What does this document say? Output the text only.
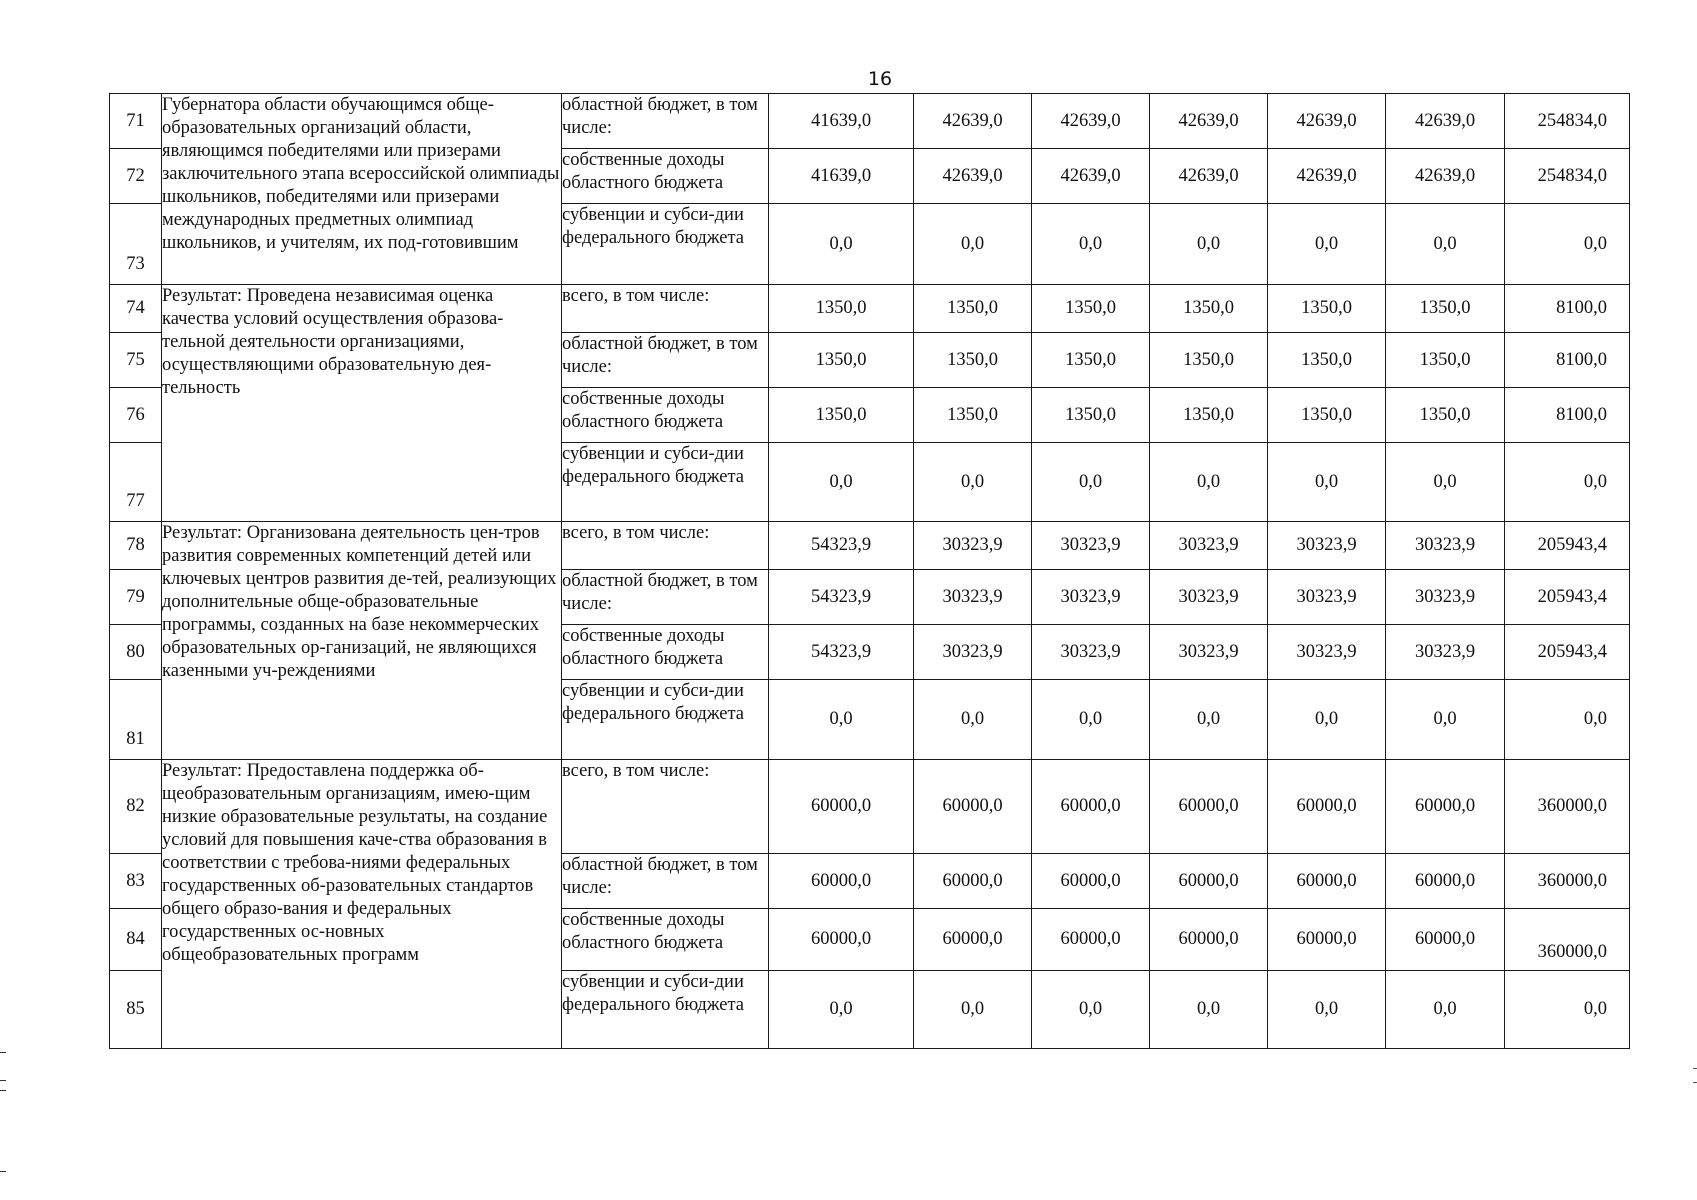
16
71	Губернатора области обучающимся обще-образовательных организаций области, являющимся победителями или призерами заключительного этапа всероссийской олимпиады школьников, победителями или призерами международных предметных олимпиад школьников, и учителям, их под-готовившим	областной бюджет, в том числе:	41639,0	42639,0	42639,0	42639,0	42639,0	42639,0	254834,0
72		собственные доходы областного бюджета	41639,0	42639,0	42639,0	42639,0	42639,0	42639,0	254834,0
73		субвенции и субси-дии федерального бюджета	0,0	0,0	0,0	0,0	0,0	0,0	0,0
74	Результат: Проведена независимая оценка качества условий осуществления образова-тельной деятельности организациями, осуществляющими образовательную дея-тельность	всего, в том числе:	1350,0	1350,0	1350,0	1350,0	1350,0	1350,0	8100,0
75		областной бюджет, в том числе:	1350,0	1350,0	1350,0	1350,0	1350,0	1350,0	8100,0
76		собственные доходы областного бюджета	1350,0	1350,0	1350,0	1350,0	1350,0	1350,0	8100,0
77		субвенции и субси-дии федерального бюджета	0,0	0,0	0,0	0,0	0,0	0,0	0,0
78	Результат: Организована деятельность цен-тров развития современных компетенций детей или ключевых центров развития де-тей, реализующих дополнительные обще-образовательные программы, созданных на базе некоммерческих образовательных ор-ганизаций, не являющихся казенными уч-реждениями	всего, в том числе:	54323,9	30323,9	30323,9	30323,9	30323,9	30323,9	205943,4
79		областной бюджет, в том числе:	54323,9	30323,9	30323,9	30323,9	30323,9	30323,9	205943,4
80		собственные доходы областного бюджета	54323,9	30323,9	30323,9	30323,9	30323,9	30323,9	205943,4
81		субвенции и субси-дии федерального бюджета	0,0	0,0	0,0	0,0	0,0	0,0	0,0
82	Результат: Предоставлена поддержка об-щеобразовательным организациям, имею-щим низкие образовательные результаты, на создание условий для повышения каче-ства образования в соответствии с требова-ниями федеральных государственных об-разовательных стандартов общего образо-вания и федеральных государственных ос-новных общеобразовательных программ	всего, в том числе:	60000,0	60000,0	60000,0	60000,0	60000,0	60000,0	360000,0
83		областной бюджет, в том числе:	60000,0	60000,0	60000,0	60000,0	60000,0	60000,0	360000,0
84		собственные доходы областного бюджета	60000,0	60000,0	60000,0	60000,0	60000,0	60000,0	360000,0
85		субвенции и субси-дии федерального бюджета	0,0	0,0	0,0	0,0	0,0	0,0	0,0
